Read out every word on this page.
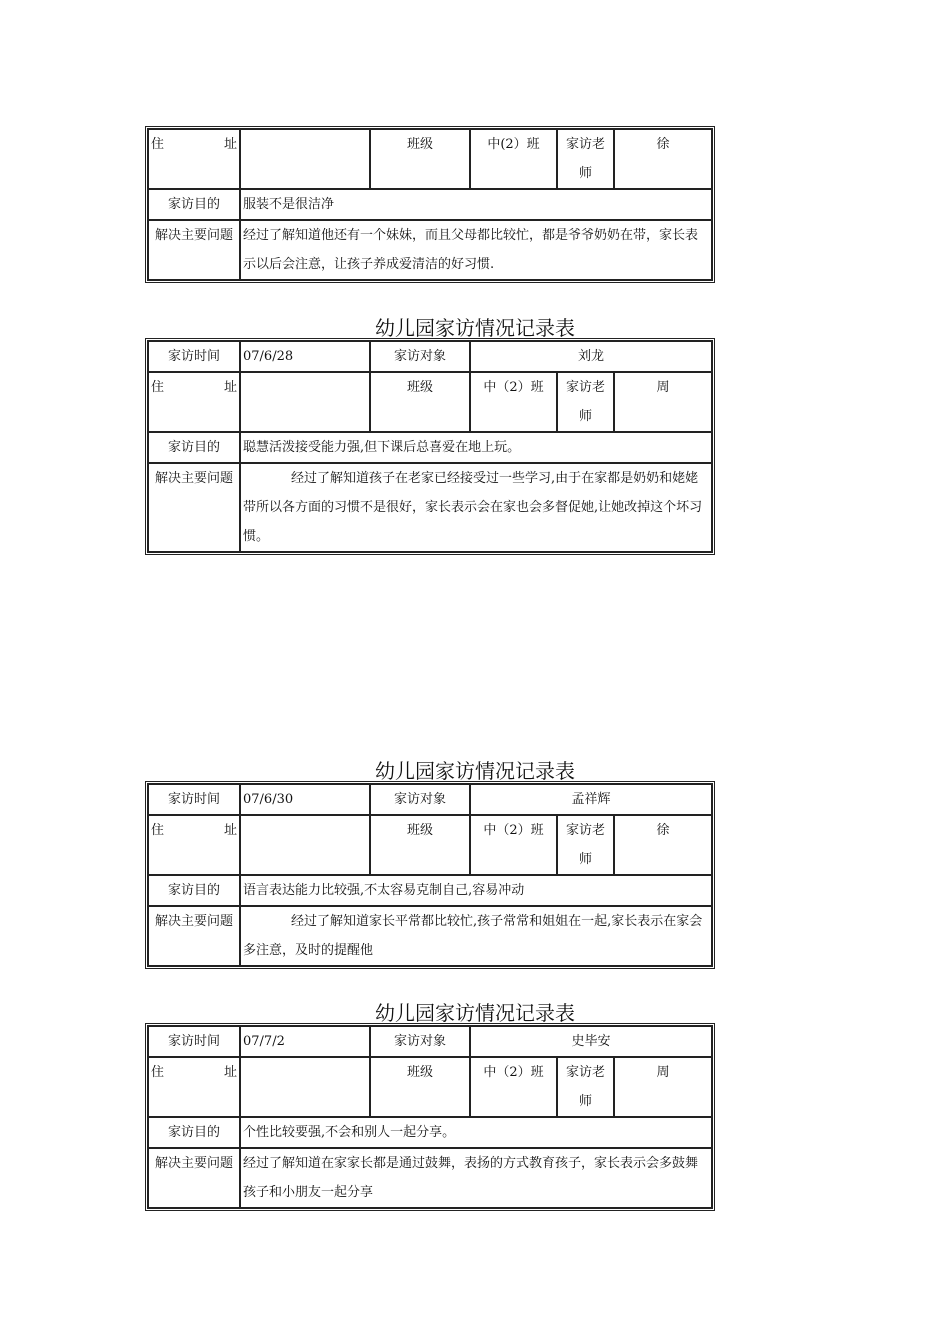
住　址		班级	中(2）班	家访老师	徐
家访目的	服装不是很洁净				
解决主要问题	经过了解知道他还有一个妹妹，而且父母都比较忙，都是爷爷奶奶在带，家长表示以后会注意，让孩子养成爱清洁的好习惯.				
幼儿园家访情况记录表
家访时间	07/6/28	家访对象	刘龙		
住　址		班级	中（2）班	家访老师	周
家访目的	聪慧活泼接受能力强,但下课后总喜爱在地上玩。				
解决主要问题	经过了解知道孩子在老家已经接受过一些学习,由于在家都是奶奶和姥姥带所以各方面的习惯不是很好，家长表示会在家也会多督促她,让她改掉这个坏习惯。				
幼儿园家访情况记录表
家访时间	07/6/30	家访对象	孟祥辉		
住　址		班级	中（2）班	家访老师	徐
家访目的	语言表达能力比较强,不太容易克制自己,容易冲动				
解决主要问题	经过了解知道家长平常都比较忙,孩子常常和姐姐在一起,家长表示在家会多注意，及时的提醒他				
幼儿园家访情况记录表
家访时间	07/7/2	家访对象	史毕安		
住　址		班级	中（2）班	家访老师	周
家访目的	个性比较要强,不会和别人一起分享。				
解决主要问题	经过了解知道在家家长都是通过鼓舞，表扬的方式教育孩子，家长表示会多鼓舞孩子和小朋友一起分享				
